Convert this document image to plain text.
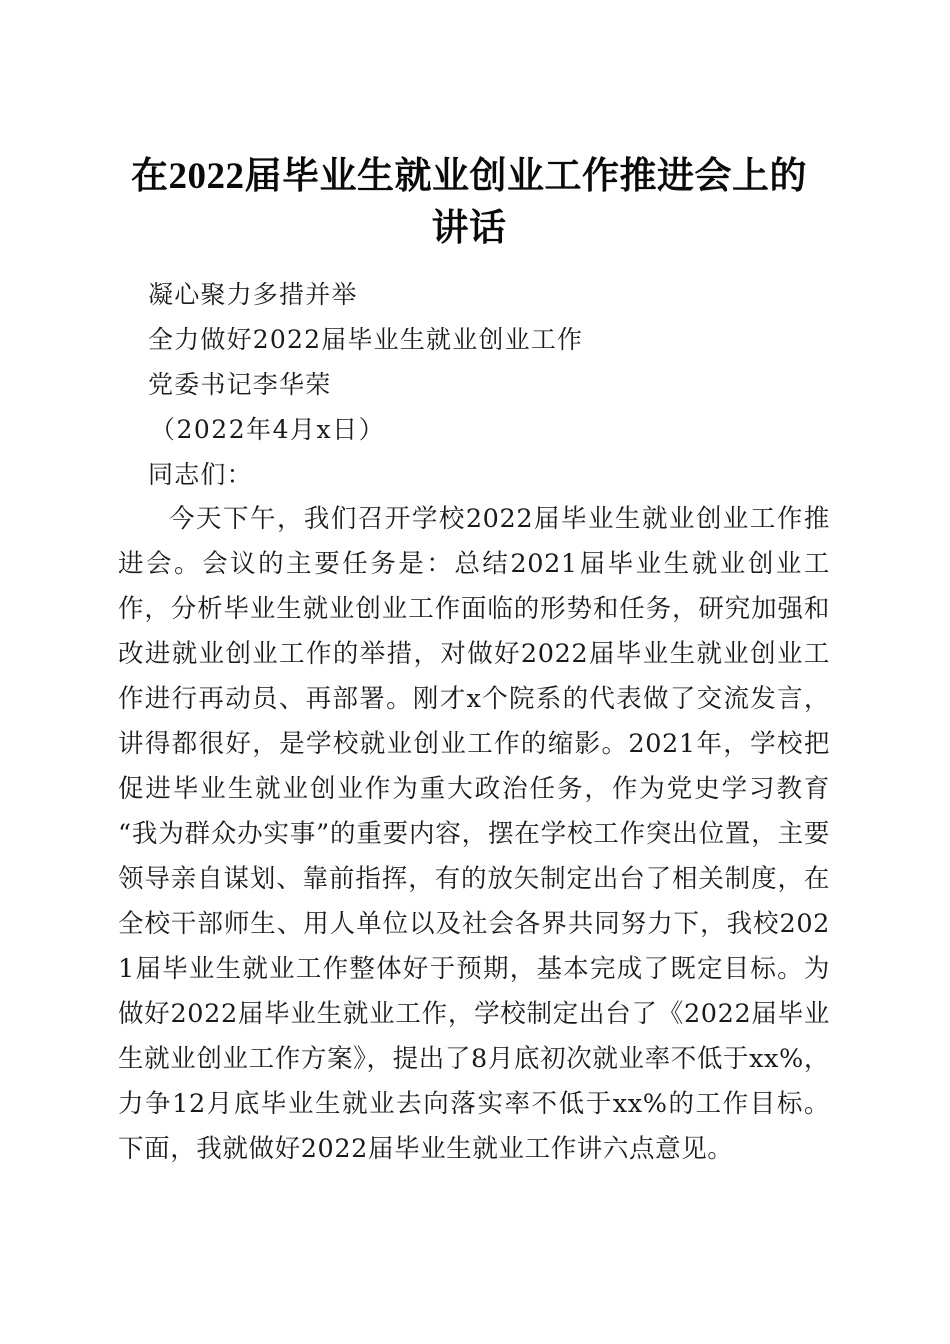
在2022届毕业生就业创业工作推进会上的讲话
凝心聚力多措并举
全力做好2022届毕业生就业创业工作
党委书记李华荣
（2022年4月x日）
同志们：

今天下午，我们召开学校2022届毕业生就业创业工作推进会。会议的主要任务是：总结2021届毕业生就业创业工作，分析毕业生就业创业工作面临的形势和任务，研究加强和改进就业创业工作的举措，对做好2022届毕业生就业创业工作进行再动员、再部署。刚才x个院系的代表做了交流发言，讲得都很好，是学校就业创业工作的缩影。2021年，学校把促进毕业生就业创业作为重大政治任务，作为党史学习教育“我为群众办实事”的重要内容，摆在学校工作突出位置，主要领导亲自谋划、靠前指挥，有的放矢制定出台了相关制度，在全校干部师生、用人单位以及社会各界共同努力下，我校2021届毕业生就业工作整体好于预期，基本完成了既定目标。为做好2022届毕业生就业工作，学校制定出台了《2022届毕业生就业创业工作方案》，提出了8月底初次就业率不低于xx%，力争12月底毕业生就业去向落实率不低于xx%的工作目标。下面，我就做好2022届毕业生就业工作讲六点意见。
